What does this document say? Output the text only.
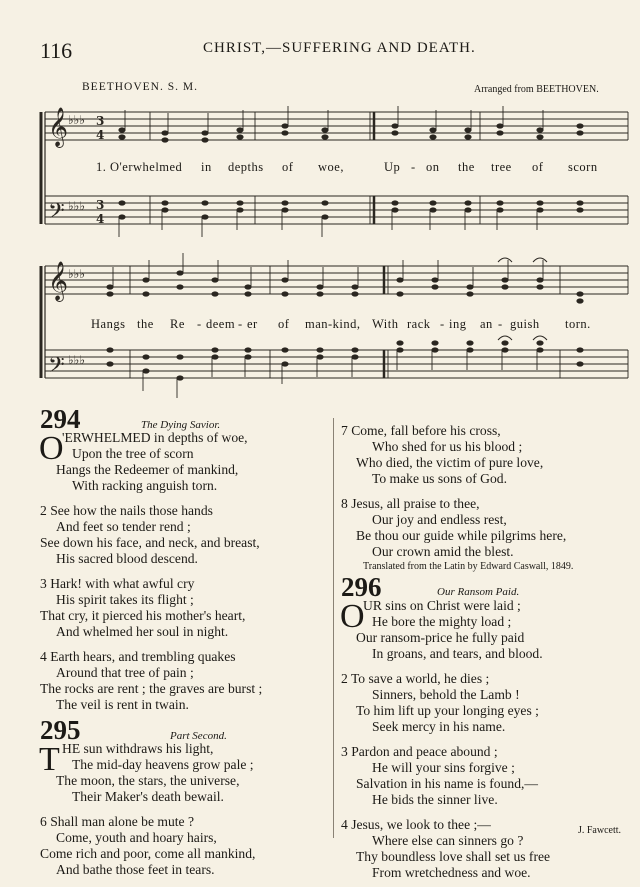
116	CHRIST,—SUFFERING AND DEATH.
BEETHOVEN. S. M.	Arranged from BEETHOVEN.
𝄞
𝄢
𝄞
𝄢
♭♭♭
♭♭♭
♭♭♭
♭♭♭
3
4
3
4
1. O'erwhelmed in depths of woe,	Up - on the tree of scorn
Hangs the Re - deem - er of man-kind, With rack - ing an - guish torn.
294	The Dying Savior.
O
'ERWHELMED in depths of woe,
Upon the tree of scorn
Hangs the Redeemer of mankind,
With racking anguish torn.
2 See how the nails those hands
And feet so tender rend ;
See down his face, and neck, and breast,
His sacred blood descend.
3 Hark! with what awful cry
His spirit takes its flight ;
That cry, it pierced his mother's heart,
And whelmed her soul in night.
4 Earth hears, and trembling quakes
Around that tree of pain ;
The rocks are rent ; the graves are burst ;
The veil is rent in twain.
295	Part Second.
T HE sun withdraws his light,
The mid-day heavens grow pale ;
The moon, the stars, the universe,
Their Maker's death bewail.
6 Shall man alone be mute ?
Come, youth and hoary hairs,
Come rich and poor, come all mankind,
And bathe those feet in tears.
7 Come, fall before his cross,
Who shed for us his blood ;
Who died, the victim of pure love,
To make us sons of God.
8 Jesus, all praise to thee,
Our joy and endless rest,
Be thou our guide while pilgrims here,
Our crown amid the blest.
Translated from the Latin by Edward Caswall, 1849.
296	Our Ransom Paid.
O
UR sins on Christ were laid ;
He bore the mighty load ;
Our ransom-price he fully paid
In groans, and tears, and blood.
2 To save a world, he dies ;
Sinners, behold the Lamb !
To him lift up your longing eyes ;
Seek mercy in his name.
3 Pardon and peace abound ;
He will your sins forgive ;
Salvation in his name is found,—
He bids the sinner live.
4 Jesus, we look to thee ;—
Where else can sinners go ?
Thy boundless love shall set us free
From wretchedness and woe.
J. Fawcett.
